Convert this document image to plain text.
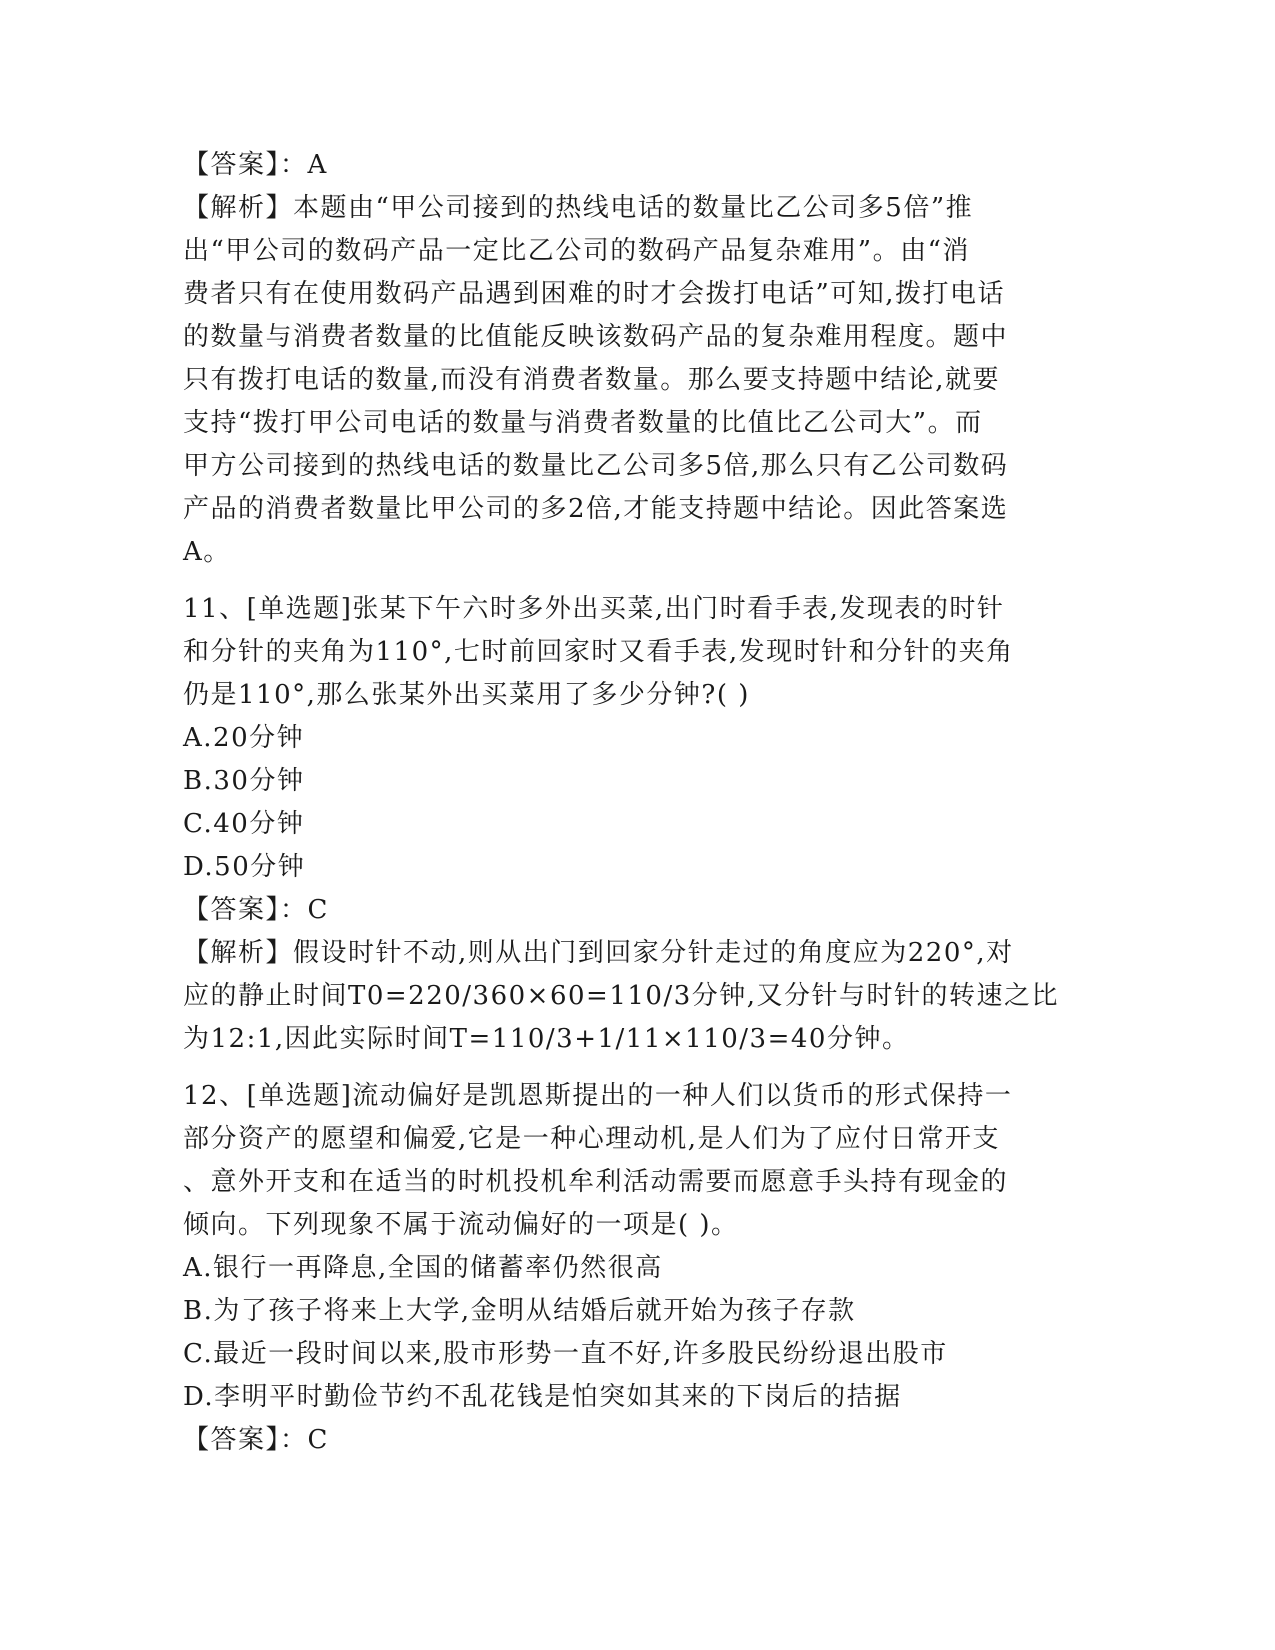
【答案】：A
【解析】本题由“甲公司接到的热线电话的数量比乙公司多5倍”推
出“甲公司的数码产品一定比乙公司的数码产品复杂难用”。由“消
费者只有在使用数码产品遇到困难的时才会拨打电话”可知,拨打电话
的数量与消费者数量的比值能反映该数码产品的复杂难用程度。题中
只有拨打电话的数量,而没有消费者数量。那么要支持题中结论,就要
支持“拨打甲公司电话的数量与消费者数量的比值比乙公司大”。而
甲方公司接到的热线电话的数量比乙公司多5倍,那么只有乙公司数码
产品的消费者数量比甲公司的多2倍,才能支持题中结论。因此答案选
A。
11、[单选题]张某下午六时多外出买菜,出门时看手表,发现表的时针
和分针的夹角为110°,七时前回家时又看手表,发现时针和分针的夹角
仍是110°,那么张某外出买菜用了多少分钟?( )
A.20分钟
B.30分钟
C.40分钟
D.50分钟
【答案】：C
【解析】假设时针不动,则从出门到回家分针走过的角度应为220°,对
应的静止时间T0=220/360×60=110/3分钟,又分针与时针的转速之比
为12:1,因此实际时间T=110/3+1/11×110/3=40分钟。
12、[单选题]流动偏好是凯恩斯提出的一种人们以货币的形式保持一
部分资产的愿望和偏爱,它是一种心理动机,是人们为了应付日常开支
、意外开支和在适当的时机投机牟利活动需要而愿意手头持有现金的
倾向。下列现象不属于流动偏好的一项是( )。
A.银行一再降息,全国的储蓄率仍然很高
B.为了孩子将来上大学,金明从结婚后就开始为孩子存款
C.最近一段时间以来,股市形势一直不好,许多股民纷纷退出股市
D.李明平时勤俭节约不乱花钱是怕突如其来的下岗后的拮据
【答案】：C
